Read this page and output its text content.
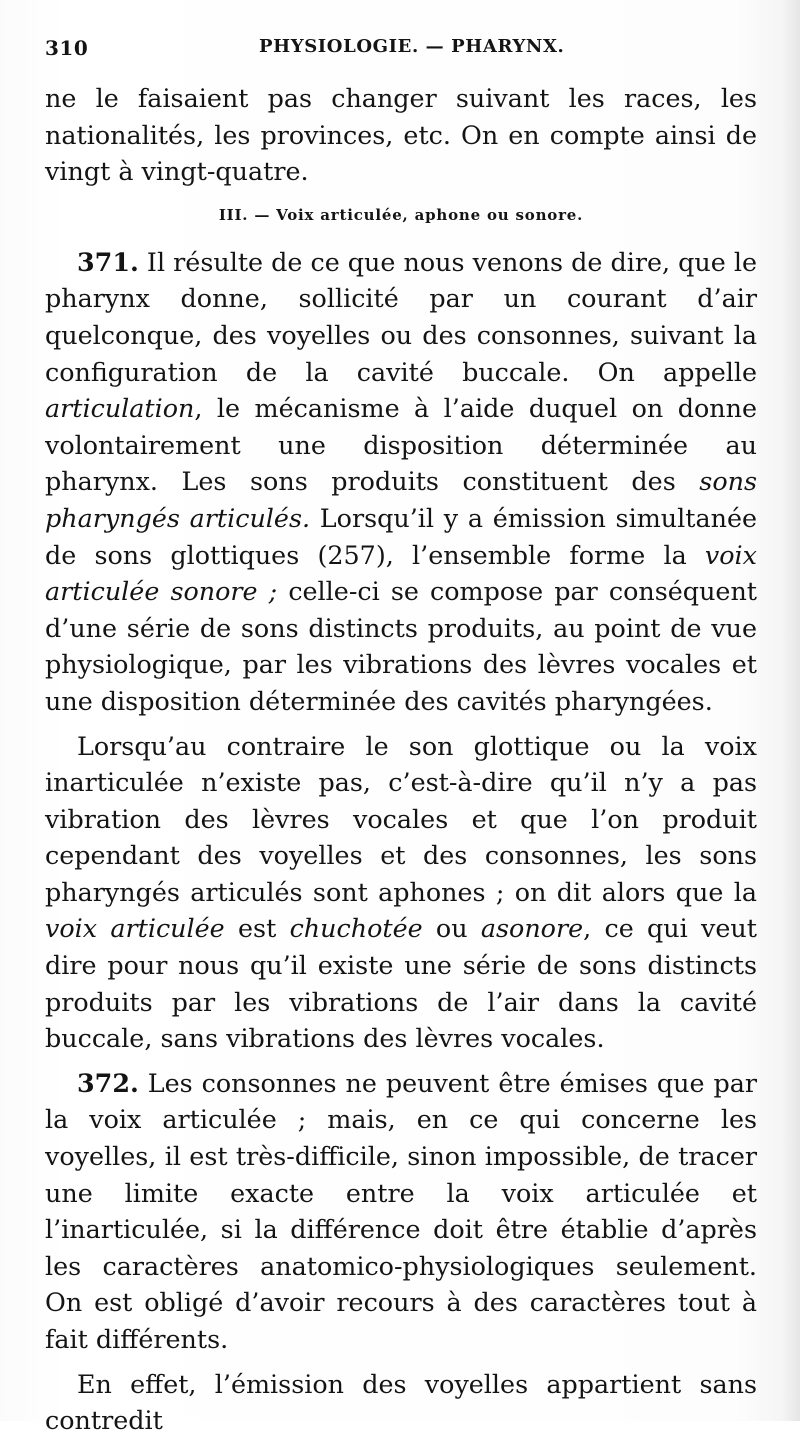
310	PHYSIOLOGIE. — PHARYNX.

ne le faisaient pas changer suivant les races, les nationalités, les provinces, etc. On en compte ainsi de vingt à vingt-quatre.

III. — Voix articulée, aphone ou sonore.

371. Il résulte de ce que nous venons de dire, que le pharynx donne, sollicité par un courant d’air quelconque, des voyelles ou des consonnes, suivant la configuration de la cavité buccale. On appelle articulation, le mécanisme à l’aide duquel on donne volontairement une disposition déterminée au pharynx. Les sons produits constituent des sons pharyngés articulés. Lorsqu’il y a émission simultanée de sons glottiques (257), l’ensemble forme la voix articulée sonore ; celle-ci se compose par conséquent d’une série de sons distincts produits, au point de vue physiologique, par les vibrations des lèvres vocales et une disposition déterminée des cavités pharyngées.

Lorsqu’au contraire le son glottique ou la voix inarticulée n’existe pas, c’est-à-dire qu’il n’y a pas vibration des lèvres vocales et que l’on produit cependant des voyelles et des consonnes, les sons pharyngés articulés sont aphones ; on dit alors que la voix articulée est chuchotée ou asonore, ce qui veut dire pour nous qu’il existe une série de sons distincts produits par les vibrations de l’air dans la cavité buccale, sans vibrations des lèvres vocales.

372. Les consonnes ne peuvent être émises que par la voix articulée ; mais, en ce qui concerne les voyelles, il est très-difficile, sinon impossible, de tracer une limite exacte entre la voix articulée et l’inarticulée, si la différence doit être établie d’après les caractères anatomico-physiologiques seulement. On est obligé d’avoir recours à des caractères tout à fait différents.

En effet, l’émission des voyelles appartient sans contredit
